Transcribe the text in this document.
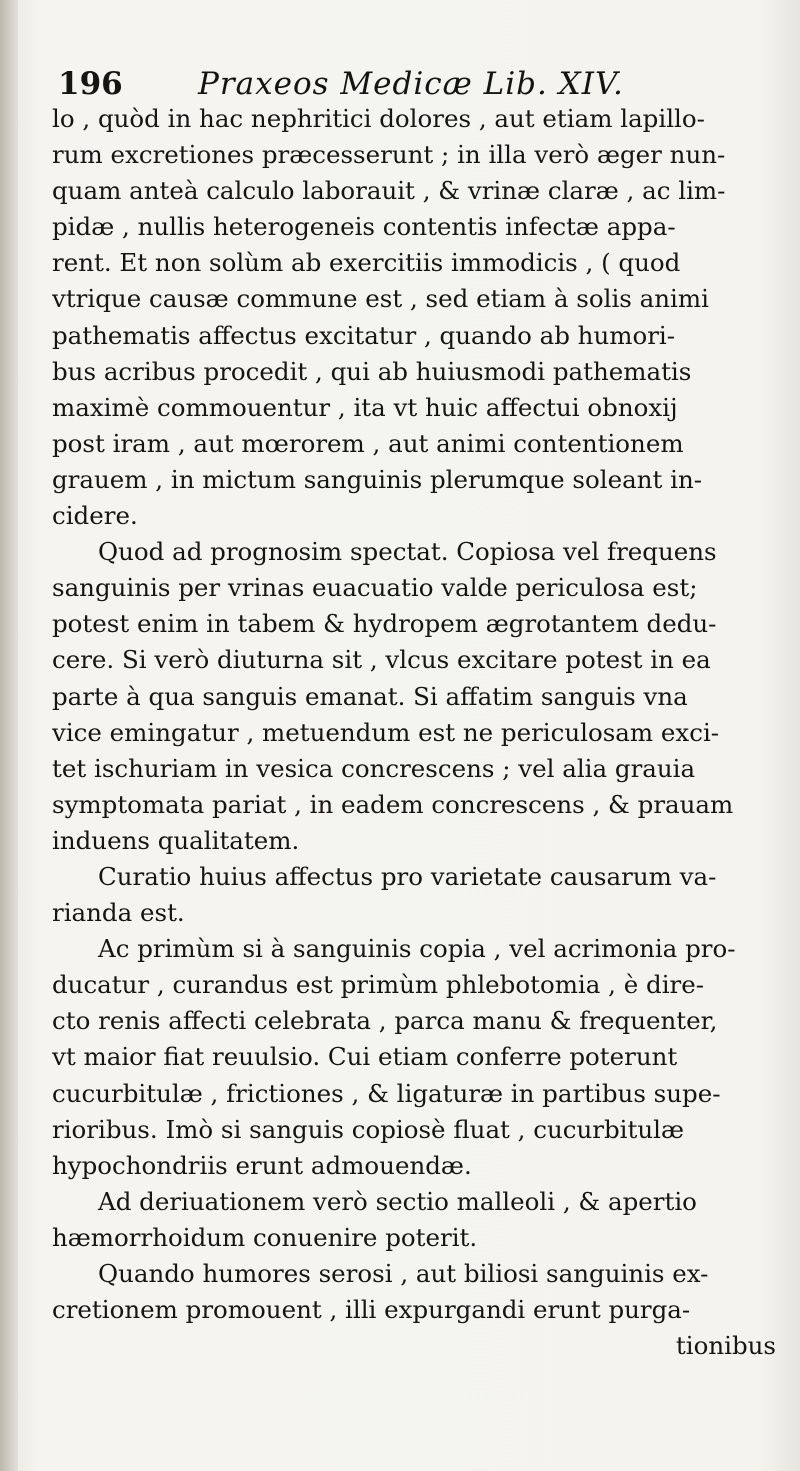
196 Praxeos Medicæ Lib. XIV.
lo , quòd in hac nephritici dolores , aut etiam lapillo-
rum excretiones præcesserunt ; in illa verò æger nun-
quam anteà calculo laborauit , & vrinæ claræ , ac lim-
pidæ , nullis heterogeneis contentis infectæ appa-
rent. Et non solùm ab exercitiis immodicis , ( quod
vtrique causæ commune est , sed etiam à solis animi
pathematis affectus excitatur , quando ab humori-
bus acribus procedit , qui ab huiusmodi pathematis
maximè commouentur , ita vt huic affectui obnoxij
post iram , aut mœrorem , aut animi contentionem
grauem , in mictum sanguinis plerumque soleant in-
cidere.
Quod ad prognosim spectat. Copiosa vel frequens
sanguinis per vrinas euacuatio valde periculosa est;
potest enim in tabem & hydropem ægrotantem dedu-
cere. Si verò diuturna sit , vlcus excitare potest in ea
parte à qua sanguis emanat. Si affatim sanguis vna
vice emingatur , metuendum est ne periculosam exci-
tet ischuriam in vesica concrescens ; vel alia grauia
symptomata pariat , in eadem concrescens , & prauam
induens qualitatem.
Curatio huius affectus pro varietate causarum va-
rianda est.
Ac primùm si à sanguinis copia , vel acrimonia pro-
ducatur , curandus est primùm phlebotomia , è dire-
cto renis affecti celebrata , parca manu & frequenter,
vt maior fiat reuulsio. Cui etiam conferre poterunt
cucurbitulæ , frictiones , & ligaturæ in partibus supe-
rioribus. Imò si sanguis copiosè fluat , cucurbitulæ
hypochondriis erunt admouendæ.
Ad deriuationem verò sectio malleoli , & apertio
hæmorrhoidum conuenire poterit.
Quando humores serosi , aut biliosi sanguinis ex-
cretionem promouent , illi expurgandi erunt purga-
tionibus
